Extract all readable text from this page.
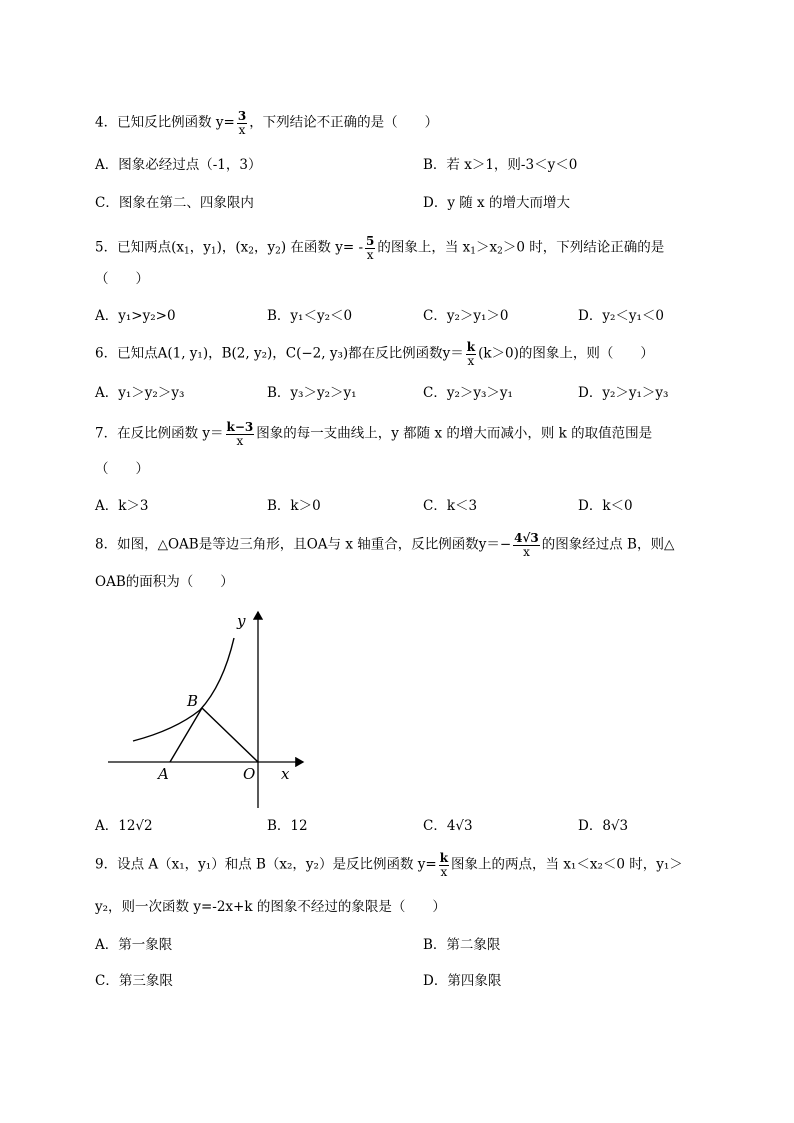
4．已知反比例函数 $y= \frac{3}{x}$ ，下列结论不正确的是（　　）
A．图象必经过点（-1，3）	B．若 x＞1，则-3＜y＜0
C．图象在第二、四象限内	D．y 随 x 的增大而增大
5．已知两点($x_1$，$y_1$)，($x_2$，$y_2$) 在函数 $y= - \frac{5}{x}$ 的图象上，当 $x_1>x_2>0$ 时，下列结论正确的是
（　　）
A．y₁>y₂>0	B．y₁＜y₂＜0	C．y₂＞y₁＞0	D．y₂＜y₁＜0
6．已知点A(1, y₁)，B(2, y₂)，C(−2, y₃)都在反比例函数$y= \frac{k}{x} (k>0)$的图象上，则（　　）
A．y₁＞y₂＞y₃	B．y₃＞y₂＞y₁	C．y₂＞y₃＞y₁	D．y₂＞y₁＞y₃
7．在反比例函数 $y= \frac{k-3}{x}$ 图象的每一支曲线上，y 都随 x 的增大而减小，则 k 的取值范围是
（　　）
A．k＞3	B．k＞0	C．k＜3	D．k＜0
8．如图，△OAB是等边三角形，且OA与 x 轴重合，反比例函数$y=- \frac{4√3}{x}$ 的图象经过点 B，则△
OAB的面积为（　　）
y
x
B
A	O
A．12√2	B．12	C．4√3	D．8√3
9．设点 A（x₁，y₁）和点 B（x₂，y₂）是反比例函数 $y= \frac{k}{x}$ 图象上的两点，当 x₁＜x₂＜0 时，y₁＞
y₂，则一次函数 y=-2x+k 的图象不经过的象限是（　　）
A．第一象限	B．第二象限
C．第三象限	D．第四象限
